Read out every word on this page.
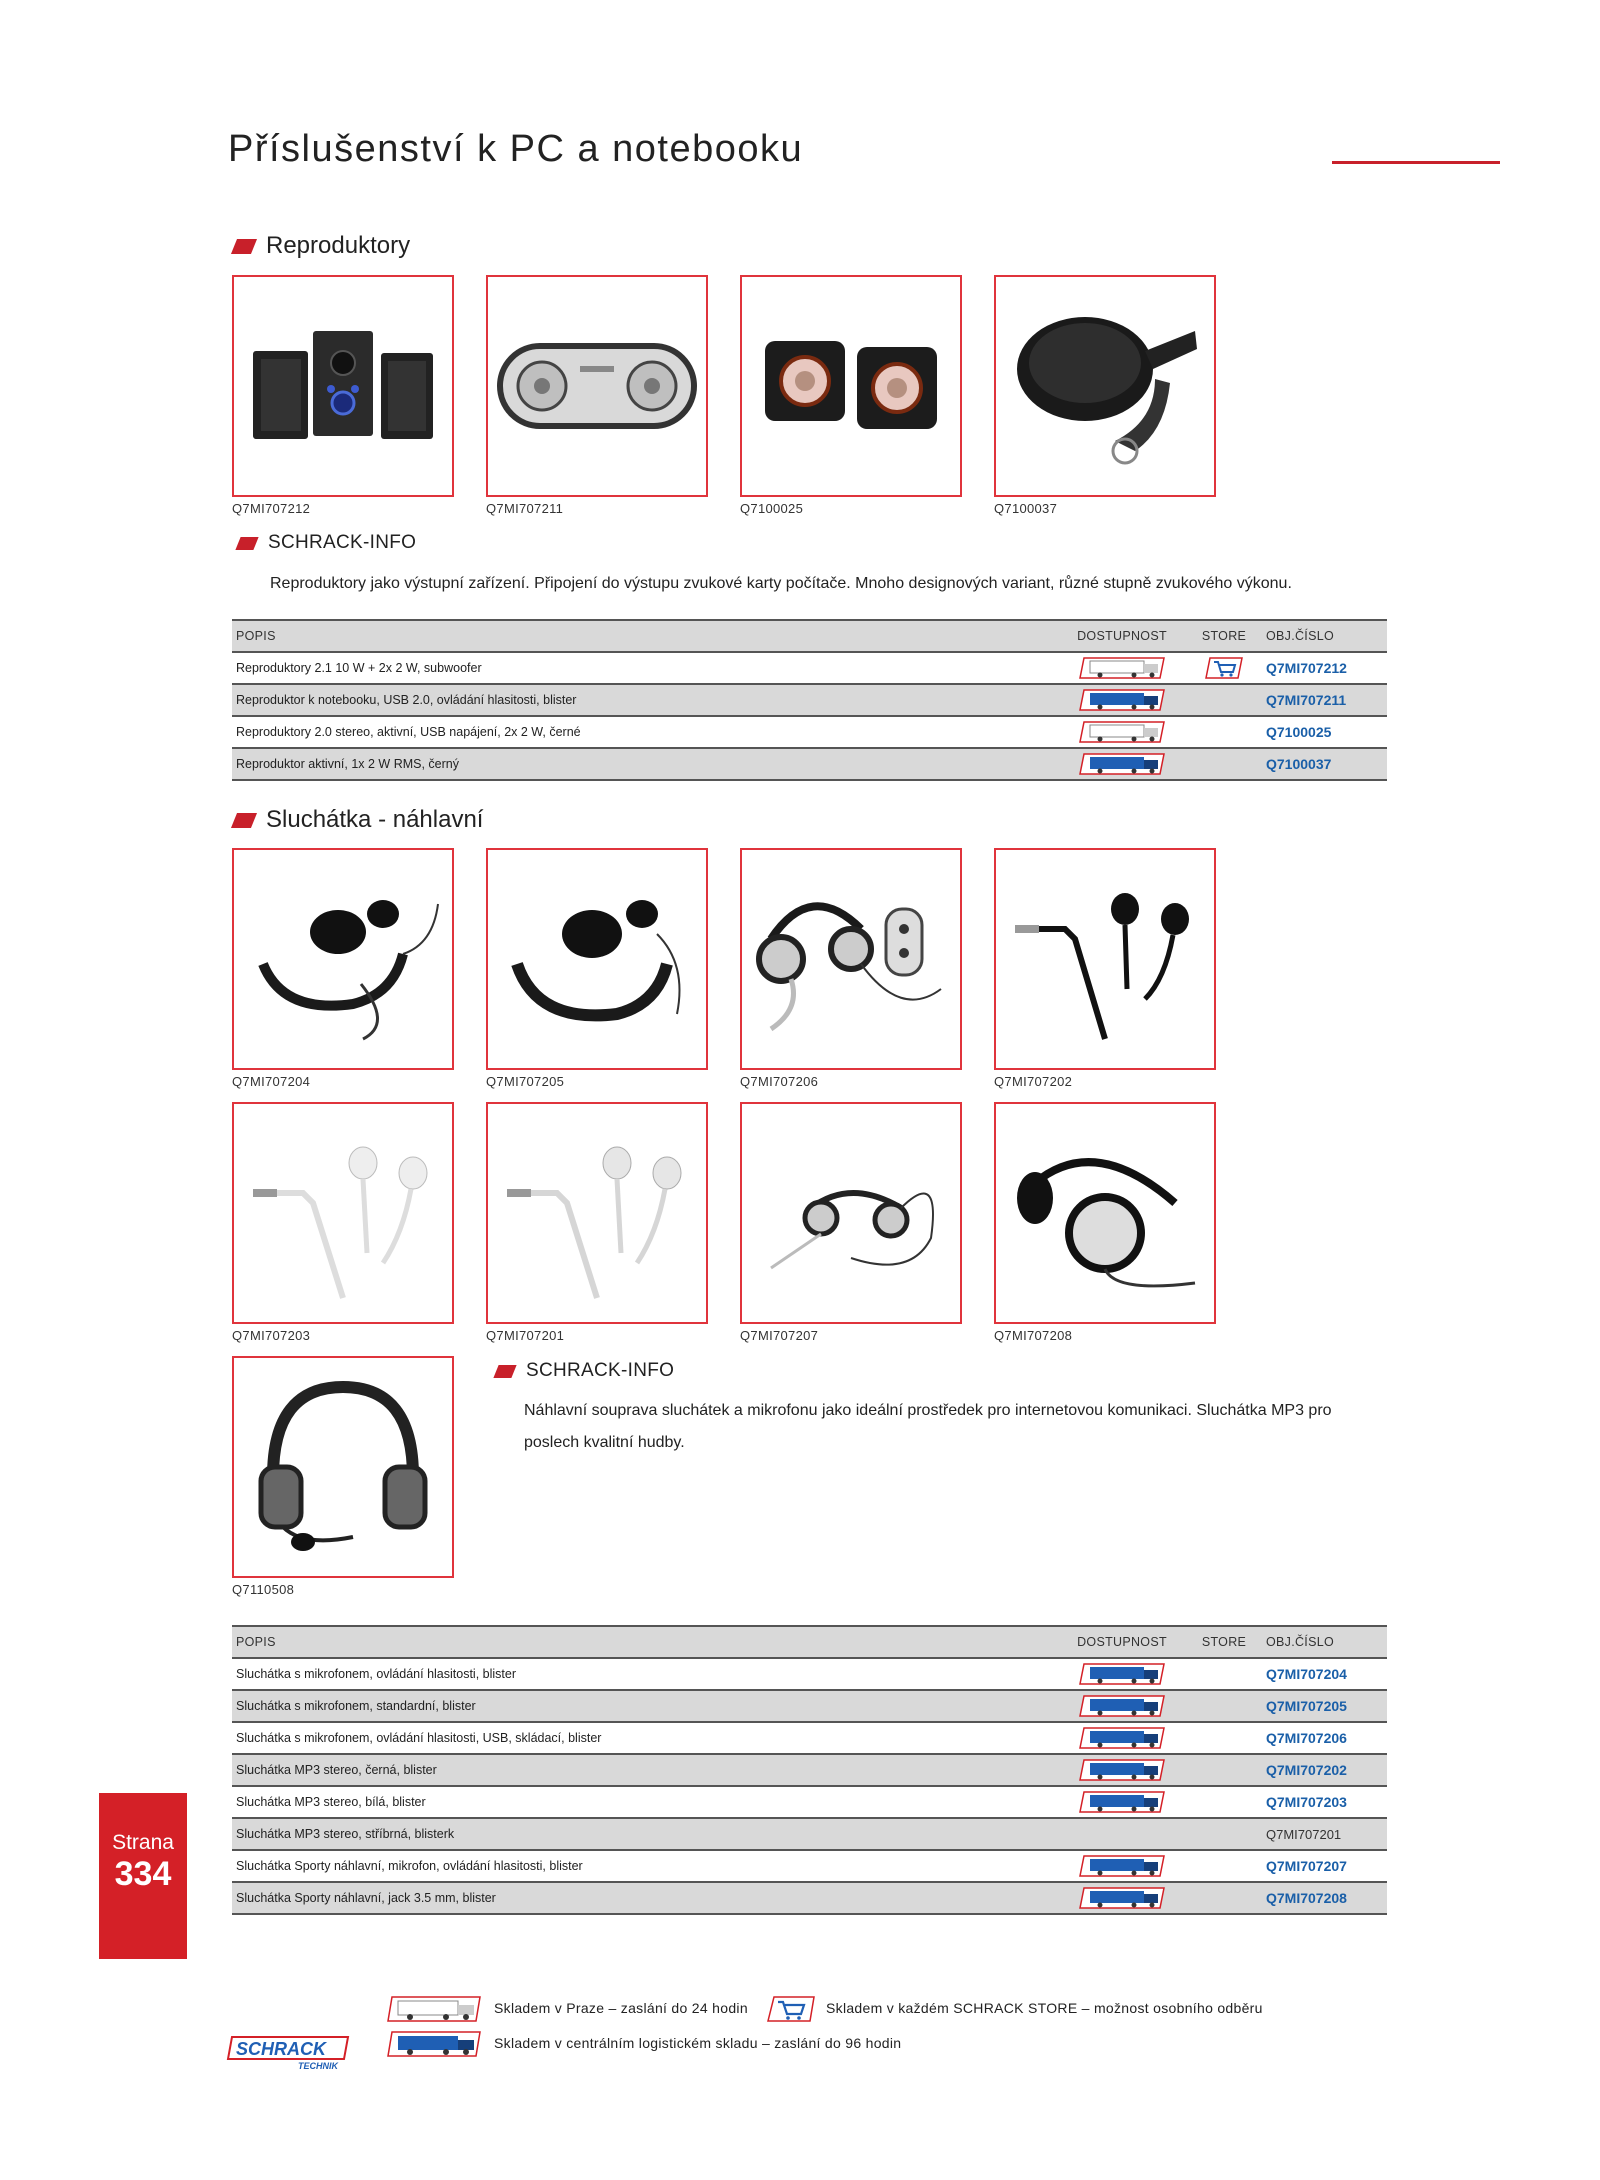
Příslušenství k PC a notebooku
Reproduktory
Q7MI707212	Q7MI707211	Q7100025	Q7100037
SCHRACK-INFO
Reproduktory jako výstupní zařízení. Připojení do výstupu zvukové karty počítače. Mnoho designových variant, různé stupně zvukového výkonu.
POPIS	DOSTUPNOST	STORE	OBJ.ČÍSLO
Reproduktory 2.1 10 W + 2x 2 W, subwoofer			Q7MI707212
Reproduktor k notebooku, USB 2.0, ovládání hlasitosti, blister			Q7MI707211
Reproduktory 2.0 stereo, aktivní, USB napájení, 2x 2 W, černé			Q7100025
Reproduktor aktivní, 1x 2 W RMS, černý			Q7100037
Sluchátka - náhlavní
Q7MI707204	Q7MI707205	Q7MI707206	Q7MI707202
Q7MI707203	Q7MI707201	Q7MI707207	Q7MI707208
Q7110508
SCHRACK-INFO
Náhlavní souprava sluchátek a mikrofonu jako ideální prostředek pro internetovou komunikaci. Sluchátka MP3 pro
poslech kvalitní hudby.
POPIS	DOSTUPNOST	STORE	OBJ.ČÍSLO
Sluchátka s mikrofonem, ovládání hlasitosti, blister			Q7MI707204
Sluchátka s mikrofonem, standardní, blister			Q7MI707205
Sluchátka s mikrofonem, ovládání hlasitosti, USB, skládací, blister			Q7MI707206
Sluchátka MP3 stereo, černá, blister			Q7MI707202
Sluchátka MP3 stereo, bílá, blister			Q7MI707203
Sluchátka MP3 stereo, stříbrná, blisterk			Q7MI707201
Sluchátka Sporty náhlavní, mikrofon, ovládání hlasitosti, blister			Q7MI707207
Sluchátka Sporty náhlavní, jack 3.5 mm, blister			Q7MI707208
Strana
334
Skladem v Praze – zaslání do 24 hodin	Skladem v každém SCHRACK STORE – možnost osobního odběru
Skladem v centrálním logistickém skladu – zaslání do 96 hodin
SCHRACK
TECHNIK
